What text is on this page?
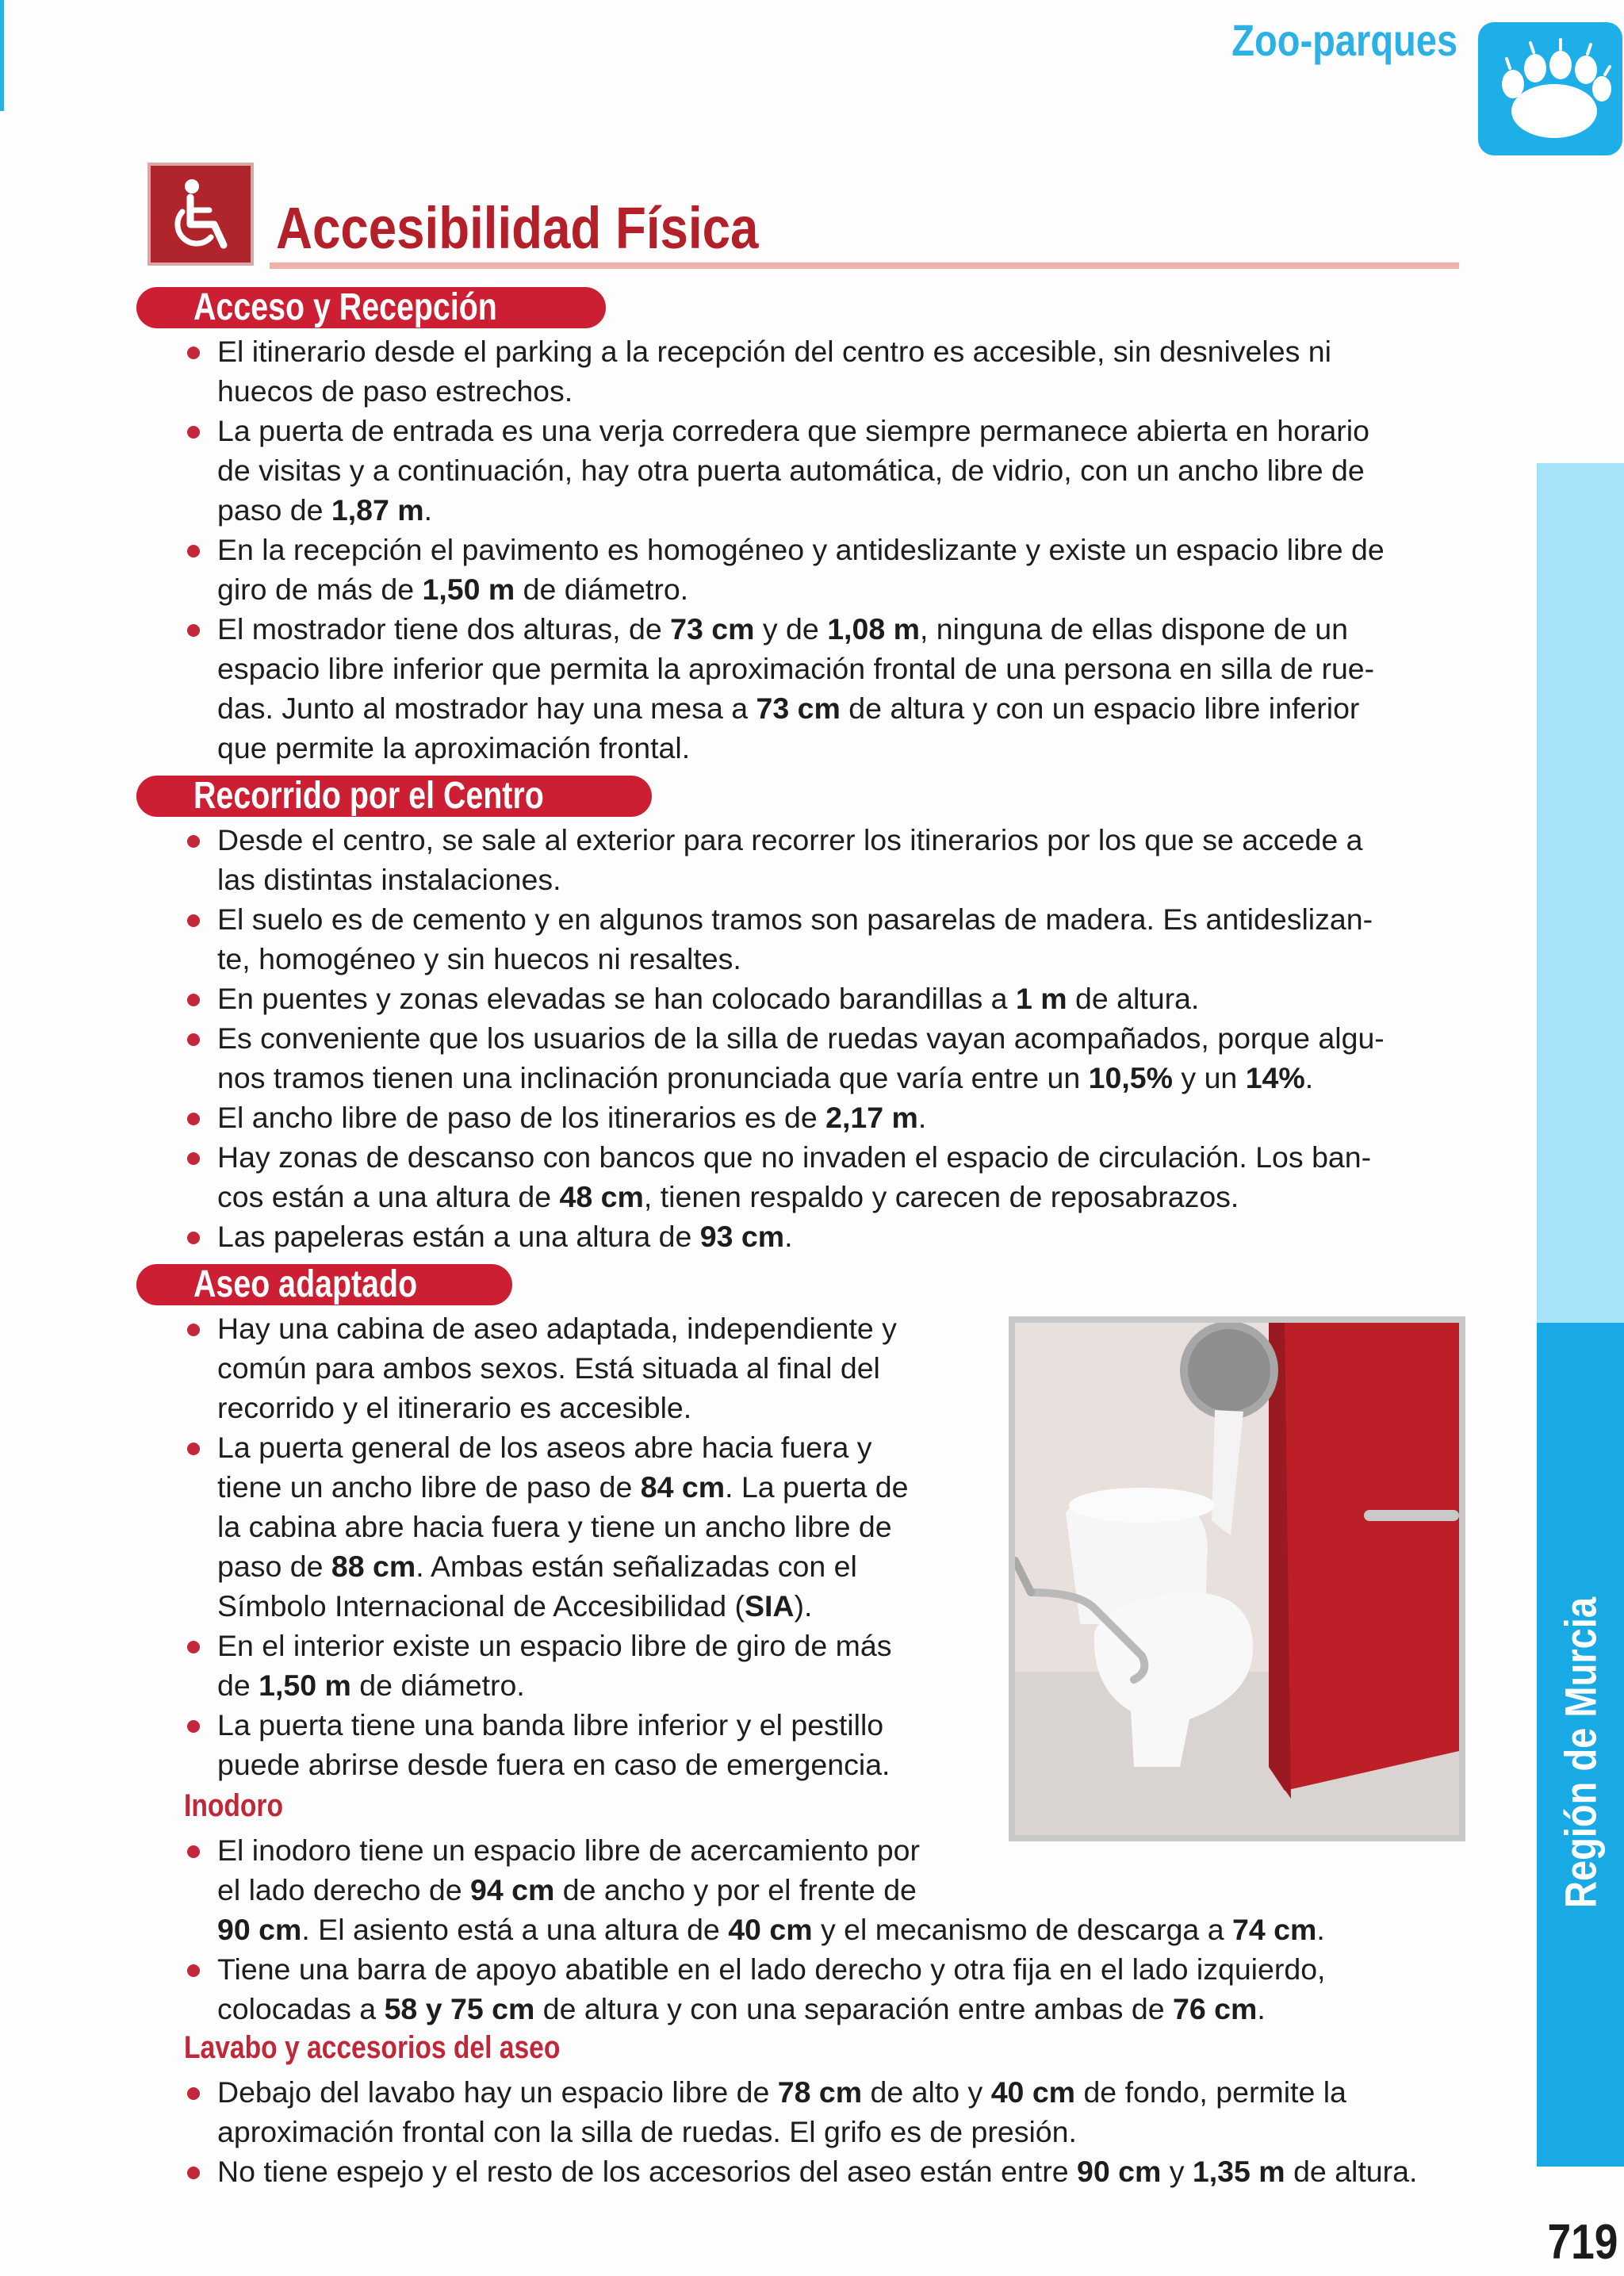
Zoo-parques
Accesibilidad Física
Acceso y Recepción
El itinerario desde el parking a la recepción del centro es accesible, sin desniveles ni
huecos de paso estrechos.
La puerta de entrada es una verja corredera que siempre permanece abierta en horario
de visitas y a continuación, hay otra puerta automática, de vidrio, con un ancho libre de
paso de 1,87 m.
En la recepción el pavimento es homogéneo y antideslizante y existe un espacio libre de
giro de más de 1,50 m de diámetro.
El mostrador tiene dos alturas, de 73 cm y de 1,08 m, ninguna de ellas dispone de un
espacio libre inferior que permita la aproximación frontal de una persona en silla de rue-
das. Junto al mostrador hay una mesa a 73 cm de altura y con un espacio libre inferior
que permite la aproximación frontal.
Recorrido por el Centro
Desde el centro, se sale al exterior para recorrer los itinerarios por los que se accede a
las distintas instalaciones.
El suelo es de cemento y en algunos tramos son pasarelas de madera. Es antideslizan-
te, homogéneo y sin huecos ni resaltes.
En puentes y zonas elevadas se han colocado barandillas a 1 m de altura.
Es conveniente que los usuarios de la silla de ruedas vayan acompañados, porque algu-
nos tramos tienen una inclinación pronunciada que varía entre un 10,5% y un 14%.
El ancho libre de paso de los itinerarios es de 2,17 m.
Hay zonas de descanso con bancos que no invaden el espacio de circulación. Los ban-
cos están a una altura de 48 cm, tienen respaldo y carecen de reposabrazos.
Las papeleras están a una altura de 93 cm.
Aseo adaptado
Hay una cabina de aseo adaptada, independiente y
común para ambos sexos. Está situada al final del
recorrido y el itinerario es accesible.
La puerta general de los aseos abre hacia fuera y
tiene un ancho libre de paso de 84 cm. La puerta de
la cabina abre hacia fuera y tiene un ancho libre de
paso de 88 cm. Ambas están señalizadas con el
Símbolo Internacional de Accesibilidad (SIA).
En el interior existe un espacio libre de giro de más
de 1,50 m de diámetro.
La puerta tiene una banda libre inferior y el pestillo
puede abrirse desde fuera en caso de emergencia.
Inodoro
El inodoro tiene un espacio libre de acercamiento por
el lado derecho de 94 cm de ancho y por el frente de
90 cm. El asiento está a una altura de 40 cm y el mecanismo de descarga a 74 cm.
Tiene una barra de apoyo abatible en el lado derecho y otra fija en el lado izquierdo,
colocadas a 58 y 75 cm de altura y con una separación entre ambas de 76 cm.
Lavabo y accesorios del aseo
Debajo del lavabo hay un espacio libre de 78 cm de alto y 40 cm de fondo, permite la
aproximación frontal con la silla de ruedas. El grifo es de presión.
No tiene espejo y el resto de los accesorios del aseo están entre 90 cm y 1,35 m de altura.
Región de Murcia
719
